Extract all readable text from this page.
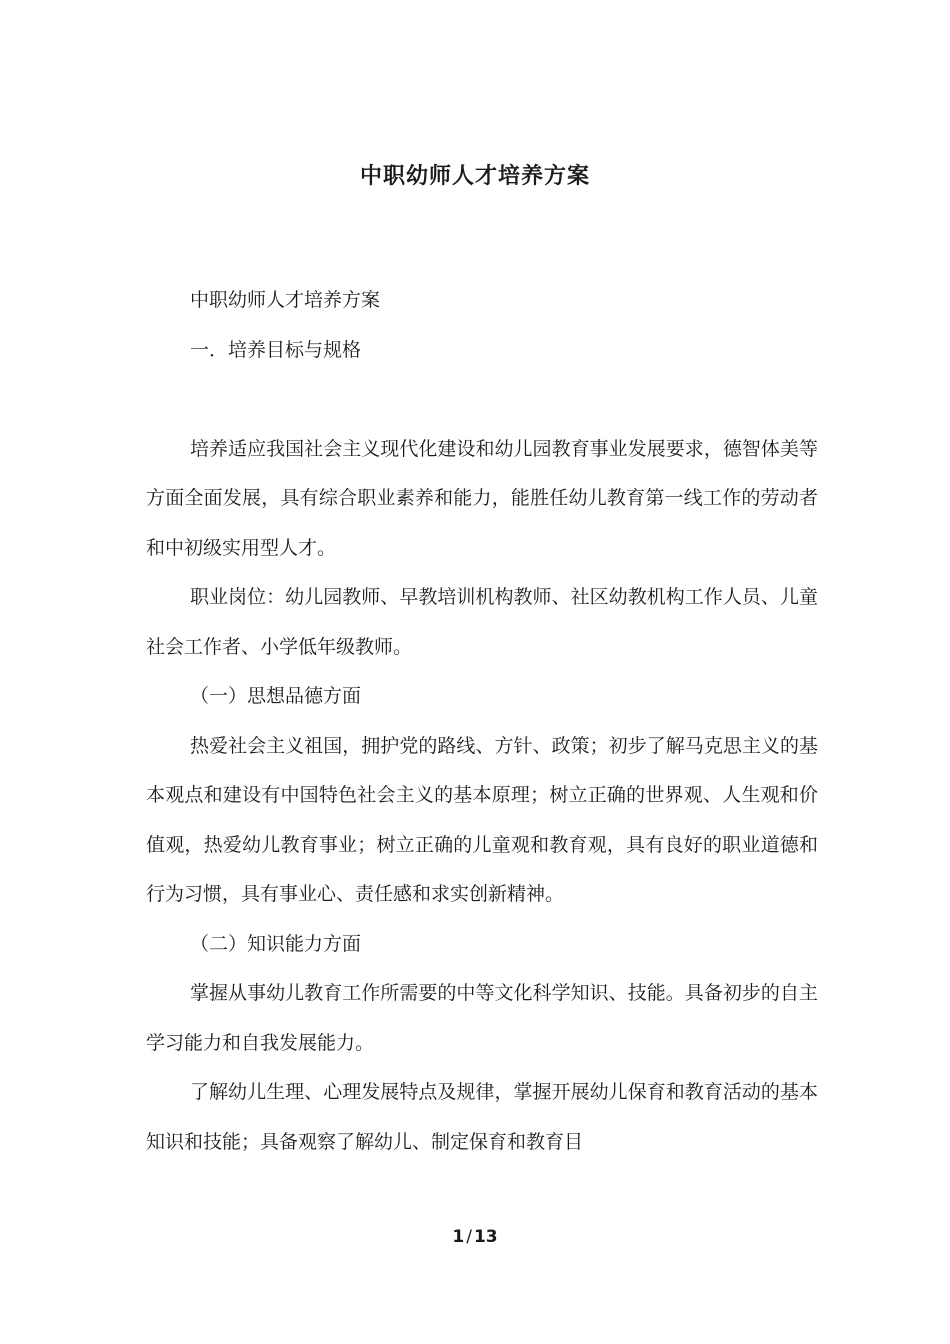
中职幼师人才培养方案

中职幼师人才培养方案

一．培养目标与规格

培养适应我国社会主义现代化建设和幼儿园教育事业发展要求，德智体美等方面全面发展，具有综合职业素养和能力，能胜任幼儿教育第一线工作的劳动者和中初级实用型人才。

职业岗位：幼儿园教师、早教培训机构教师、社区幼教机构工作人员、儿童社会工作者、小学低年级教师。

（一）思想品德方面

热爱社会主义祖国，拥护党的路线、方针、政策；初步了解马克思主义的基本观点和建设有中国特色社会主义的基本原理；树立正确的世界观、人生观和价值观，热爱幼儿教育事业；树立正确的儿童观和教育观，具有良好的职业道德和行为习惯，具有事业心、责任感和求实创新精神。

（二）知识能力方面

掌握从事幼儿教育工作所需要的中等文化科学知识、技能。具备初步的自主学习能力和自我发展能力。

了解幼儿生理、心理发展特点及规律，掌握开展幼儿保育和教育活动的基本知识和技能；具备观察了解幼儿、制定保育和教育目

1 / 13
